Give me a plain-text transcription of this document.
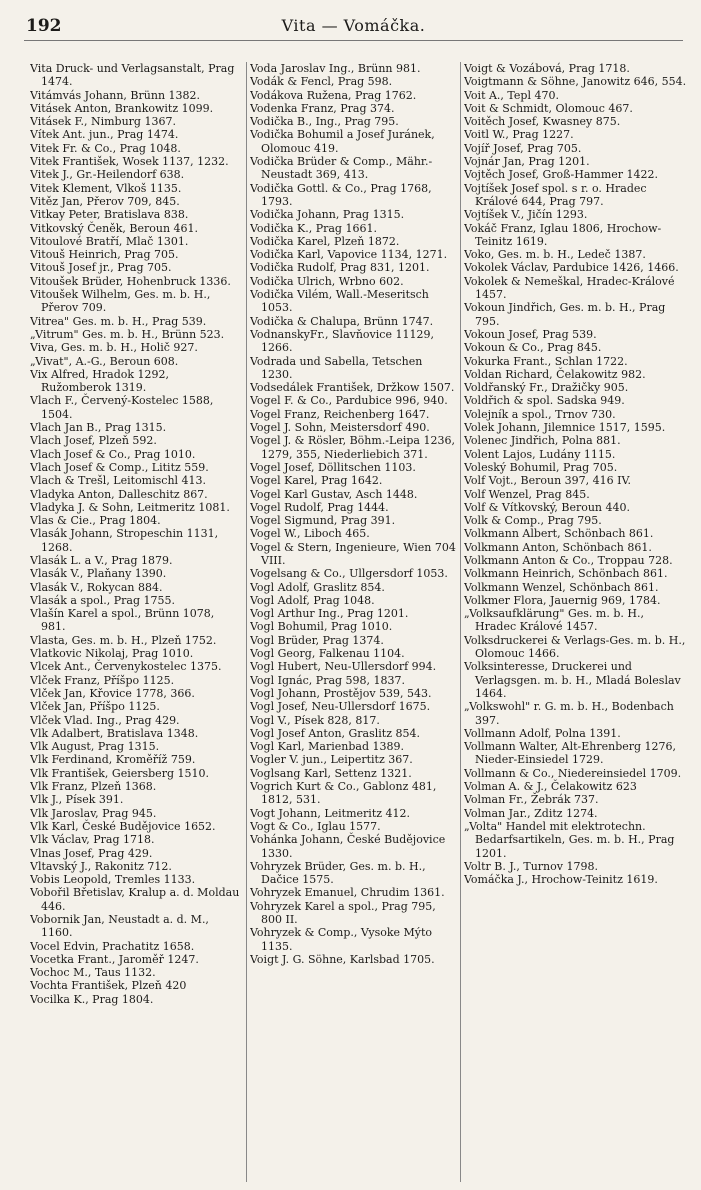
192	Vita — Vomáčka.

Vita Druck- und Verlagsanstalt, Prag 1474.

Vitámvás Johann, Brünn 1382.

Vitásek Anton, Brankowitz 1099.

Vitásek F., Nimburg 1367.

Vítek Ant. jun., Prag 1474.

Vitek Fr. & Co., Prag 1048.

Vitek František, Wosek 1137, 1232.

Vitek J., Gr.-Heilendorf 638.

Vitek Klement, Vlkoš 1135.

Vitěz Jan, Přerov 709, 845.

Vitkay Peter, Bratislava 838.

Vitkovský Čeněk, Beroun 461.

Vitoulové Bratří, Mlač 1301.

Vitouš Heinrich, Prag 705.

Vitouš Josef jr., Prag 705.

Vitoušek Brüder, Hohenbruck 1336.

Vitoušek Wilhelm, Ges. m. b. H., Přerov 709.

Vitrea" Ges. m. b. H., Prag 539.

„Vitrum" Ges. m. b. H., Brünn 523.

Viva, Ges. m. b. H., Holič 927.

„Vivat", A.-G., Beroun 608.

Vix Alfred, Hradok 1292, Ružomberok 1319.

Vlach F., Červený-Kostelec 1588, 1504.

Vlach Jan B., Prag 1315.

Vlach Josef, Plzeň 592.

Vlach Josef & Co., Prag 1010.

Vlach Josef & Comp., Lititz 559.

Vlach & Trešl, Leitomischl 413.

Vladyka Anton, Dalleschitz 867.

Vladyka J. & Sohn, Leitmeritz 1081.

Vlas & Cie., Prag 1804.

Vlasák Johann, Stropeschin 1131, 1268.

Vlasák L. a V., Prag 1879.

Vlasák V., Plaňany 1390.

Vlasák V., Rokycan 884.

Vlasák a spol., Prag 1755.

Vlašín Karel a spol., Brünn 1078, 981.

Vlasta, Ges. m. b. H., Plzeň 1752.

Vlatkovic Nikolaj, Prag 1010.

Vlcek Ant., Červenykostelec 1375.

Vlček Franz, Příšpo 1125.

Vlček Jan, Křovice 1778, 366.

Vlček Jan, Příšpo 1125.

Vlček Vlad. Ing., Prag 429.

Vlk Adalbert, Bratislava 1348.

Vlk August, Prag 1315.

Vlk Ferdinand, Kroměříž 759.

Vlk František, Geiersberg 1510.

Vlk Franz, Plzeň 1368.

Vlk J., Písek 391.

Vlk Jaroslav, Prag 945.

Vlk Karl, České Budějovice 1652.

Vlk Václav, Prag 1718.

Vlnas Josef, Prag 429.

Vltavský J., Rakonitz 712.

Vobis Leopold, Tremles 1133.

Vobořil Břetislav, Kralup a. d. Moldau 446.

Vobornik Jan, Neustadt a. d. M., 1160.

Vocel Edvin, Prachatitz 1658.

Vocetka Frant., Jaroměř 1247.

Vochoc M., Taus 1132.

Vochta František, Plzeň 420

Vocilka K., Prag 1804.

Voda Jaroslav Ing., Brünn 981.

Vodák & Fencl, Prag 598.

Vodákova Ružena, Prag 1762.

Vodenka Franz, Prag 374.

Vodička B., Ing., Prag 795.

Vodička Bohumil a Josef Juránek, Olomouc 419.

Vodička Brüder & Comp., Mähr.-Neustadt 369, 413.

Vodička Gottl. & Co., Prag 1768, 1793.

Vodička Johann, Prag 1315.

Vodička K., Prag 1661.

Vodička Karel, Plzeň 1872.

Vodička Karl, Vapovice 1134, 1271.

Vodička Rudolf, Prag 831, 1201.

Vodička Ulrich, Wrbno 602.

Vodička Vilém, Wall.-Meseritsch 1053.

Vodička & Chalupa, Brünn 1747.

VodnanskyFr., Slavňovice 11129, 1266.

Vodrada und Sabella, Tetschen 1230.

Vodsedálek František, Držkow 1507.

Vogel F. & Co., Pardubice 996, 940.

Vogel Franz, Reichenberg 1647.

Vogel J. Sohn, Meistersdorf 490.

Vogel J. & Rösler, Böhm.-Leipa 1236, 1279, 355, Niederliebich 371.

Vogel Josef, Döllitschen 1103.

Vogel Karel, Prag 1642.

Vogel Karl Gustav, Asch 1448.

Vogel Rudolf, Prag 1444.

Vogel Sigmund, Prag 391.

Vogel W., Liboch 465.

Vogel & Stern, Ingenieure, Wien 704 VIII.

Vogelsang & Co., Ullgersdorf 1053.

Vogl Adolf, Graslitz 854.

Vogl Adolf, Prag 1048.

Vogl Arthur Ing., Prag 1201.

Vogl Bohumil, Prag 1010.

Vogl Brüder, Prag 1374.

Vogl Georg, Falkenau 1104.

Vogl Hubert, Neu-Ullersdorf 994.

Vogl Ignác, Prag 598, 1837.

Vogl Johann, Prostějov 539, 543.

Vogl Josef, Neu-Ullersdorf 1675.

Vogl V., Písek 828, 817.

Vogl Josef Anton, Graslitz 854.

Vogl Karl, Marienbad 1389.

Vogler V. jun., Leipertitz 367.

Voglsang Karl, Settenz 1321.

Vogrich Kurt & Co., Gablonz 481, 1812, 531.

Vogt Johann, Leitmeritz 412.

Vogt & Co., Iglau 1577.

Vohánka Johann, České Budějovice 1330.

Vohryzek Brüder, Ges. m. b. H., Dačice 1575.

Vohryzek Emanuel, Chrudim 1361.

Vohryzek Karel a spol., Prag 795, 800 II.

Vohryzek & Comp., Vysoke Mýto 1135.

Voigt J. G. Söhne, Karlsbad 1705.

Voigt & Vozábová, Prag 1718.

Voigtmann & Söhne, Janowitz 646, 554.

Voit A., Tepl 470.

Voit & Schmidt, Olomouc 467.

Voitěch Josef, Kwasney 875.

Voitl W., Prag 1227.

Vojíř Josef, Prag 705.

Vojnár Jan, Prag 1201.

Vojtěch Josef, Groß-Hammer 1422.

Vojtíšek Josef spol. s r. o. Hradec Králové 644, Prag 797.

Vojtíšek V., Jičín 1293.

Vokáč Franz, Iglau 1806, Hrochow-Teinitz 1619.

Voko, Ges. m. b. H., Ledeč 1387.

Vokolek Václav, Pardubice 1426, 1466.

Vokolek & Nemeškal, Hradec-Králové 1457.

Vokoun Jindřich, Ges. m. b. H., Prag 795.

Vokoun Josef, Prag 539.

Vokoun & Co., Prag 845.

Vokurka Frant., Schlan 1722.

Voldan Richard, Čelakowitz 982.

Voldřanský Fr., Dražičky 905.

Voldřich & spol. Sadska 949.

Volejník a spol., Trnov 730.

Volek Johann, Jilemnice 1517, 1595.

Volenec Jindřich, Polna 881.

Volent Lajos, Ludány 1115.

Voleský Bohumil, Prag 705.

Volf Vojt., Beroun 397, 416 IV.

Volf Wenzel, Prag 845.

Volf & Vítkovský, Beroun 440.

Volk & Comp., Prag 795.

Volkmann Albert, Schönbach 861.

Volkmann Anton, Schönbach 861.

Volkmann Anton & Co., Troppau 728.

Volkmann Heinrich, Schönbach 861.

Volkmann Wenzel, Schönbach 861.

Volkmer Flora, Jauernig 969, 1784.

„Volksaufklärung" Ges. m. b. H., Hradec Králové 1457.

Volksdruckerei & Verlags-Ges. m. b. H., Olomouc 1466.

Volksinteresse, Druckerei und Verlagsgen. m. b. H., Mladá Boleslav 1464.

„Volkswohl" r. G. m. b. H., Bodenbach 397.

Vollmann Adolf, Polna 1391.

Vollmann Walter, Alt-Ehrenberg 1276, Nieder-Einsiedel 1729.

Vollmann & Co., Niedereinsiedel 1709.

Volman A. & J., Čelakowitz 623

Volman Fr., Žebrák 737.

Volman Jar., Zditz 1274.

„Volta" Handel mit elektrotechn. Bedarfsartikeln, Ges. m. b. H., Prag 1201.

Voltr B. J., Turnov 1798.

Vomáčka J., Hrochow-Teinitz 1619.
